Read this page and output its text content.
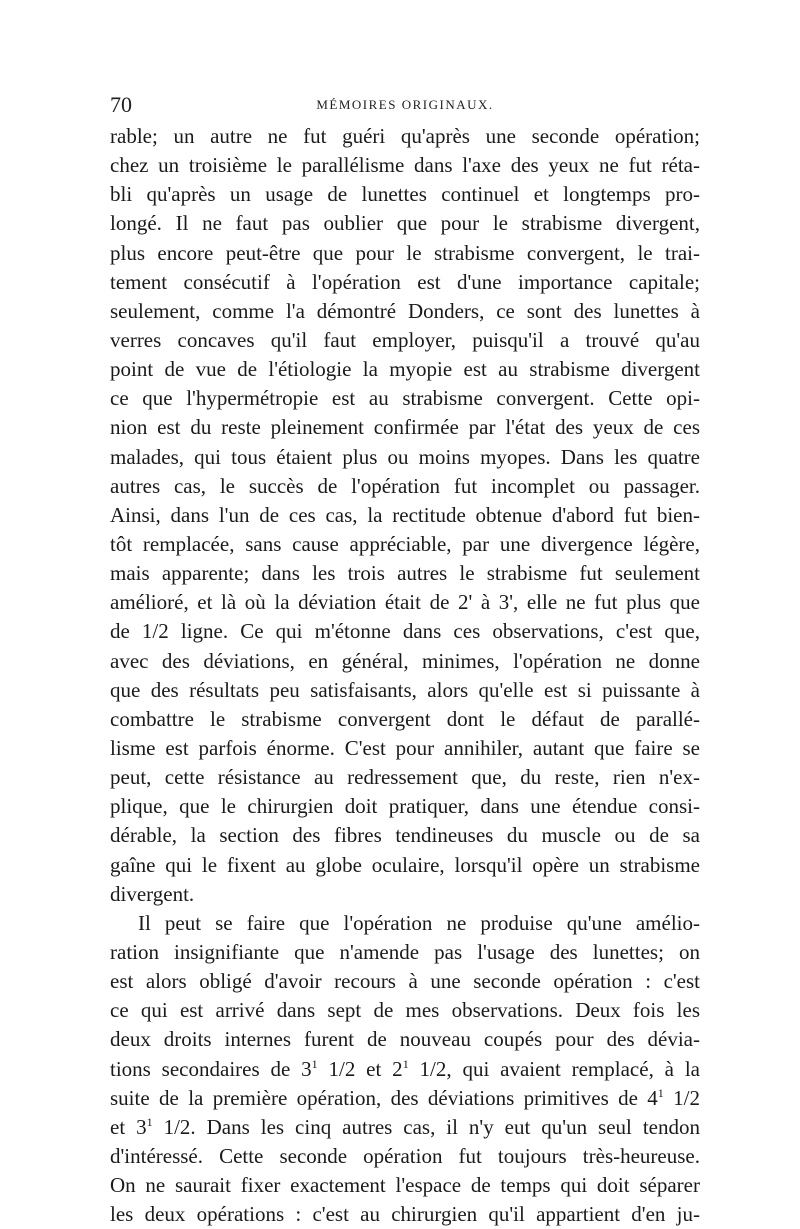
70	MÉMOIRES ORIGINAUX.
rable; un autre ne fut guéri qu'après une seconde opération;
chez un troisième le parallélisme dans l'axe des yeux ne fut réta-
bli qu'après un usage de lunettes continuel et longtemps pro-
longé. Il ne faut pas oublier que pour le strabisme divergent,
plus encore peut-être que pour le strabisme convergent, le trai-
tement consécutif à l'opération est d'une importance capitale;
seulement, comme l'a démontré Donders, ce sont des lunettes à
verres concaves qu'il faut employer, puisqu'il a trouvé qu'au
point de vue de l'étiologie la myopie est au strabisme divergent
ce que l'hypermétropie est au strabisme convergent. Cette opi-
nion est du reste pleinement confirmée par l'état des yeux de ces
malades, qui tous étaient plus ou moins myopes. Dans les quatre
autres cas, le succès de l'opération fut incomplet ou passager.
Ainsi, dans l'un de ces cas, la rectitude obtenue d'abord fut bien-
tôt remplacée, sans cause appréciable, par une divergence légère,
mais apparente; dans les trois autres le strabisme fut seulement
amélioré, et là où la déviation était de 2' à 3', elle ne fut plus que
de 1/2 ligne. Ce qui m'étonne dans ces observations, c'est que,
avec des déviations, en général, minimes, l'opération ne donne
que des résultats peu satisfaisants, alors qu'elle est si puissante à
combattre le strabisme convergent dont le défaut de parallé-
lisme est parfois énorme. C'est pour annihiler, autant que faire se
peut, cette résistance au redressement que, du reste, rien n'ex-
plique, que le chirurgien doit pratiquer, dans une étendue consi-
dérable, la section des fibres tendineuses du muscle ou de sa
gaîne qui le fixent au globe oculaire, lorsqu'il opère un strabisme
divergent.
Il peut se faire que l'opération ne produise qu'une amélio-
ration insignifiante que n'amende pas l'usage des lunettes; on
est alors obligé d'avoir recours à une seconde opération : c'est
ce qui est arrivé dans sept de mes observations. Deux fois les
deux droits internes furent de nouveau coupés pour des dévia-
tions secondaires de $3^1$ 1/2 et $2^1$ 1/2, qui avaient remplacé, à la
suite de la première opération, des déviations primitives de $4^1$ 1/2
et $3^1$ 1/2. Dans les cinq autres cas, il n'y eut qu'un seul tendon
d'intéressé. Cette seconde opération fut toujours très-heureuse.
On ne saurait fixer exactement l'espace de temps qui doit séparer
les deux opérations : c'est au chirurgien qu'il appartient d'en ju-
